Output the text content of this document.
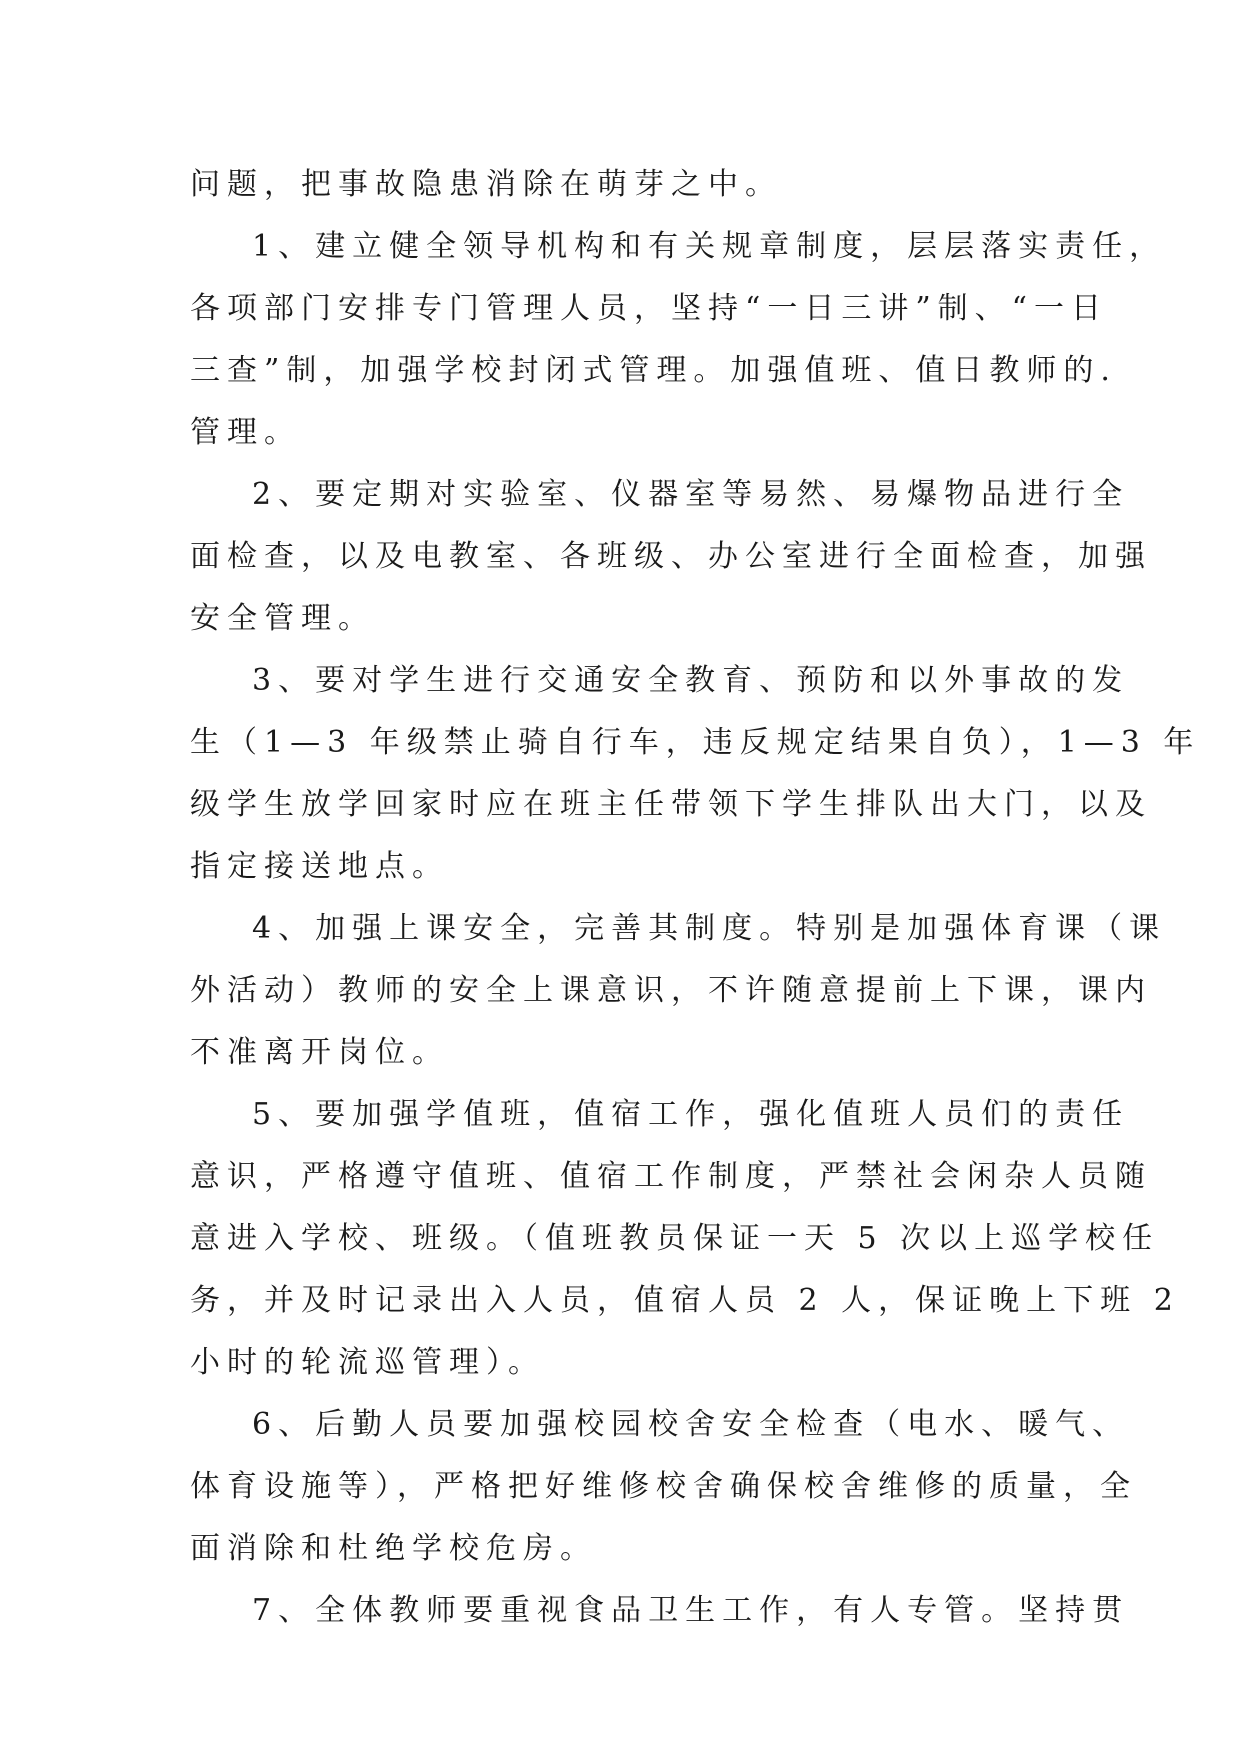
问题，把事故隐患消除在萌芽之中。
1、建立健全领导机构和有关规章制度，层层落实责任，
各项部门安排专门管理人员，坚持“一日三讲”制、“一日
三查”制，加强学校封闭式管理。加强值班、值日教师的.
管理。
2、要定期对实验室、仪器室等易然、易爆物品进行全
面检查，以及电教室、各班级、办公室进行全面检查，加强
安全管理。
3、要对学生进行交通安全教育、预防和以外事故的发
生（1—3 年级禁止骑自行车，违反规定结果自负），1—3 年
级学生放学回家时应在班主任带领下学生排队出大门，以及
指定接送地点。
4、加强上课安全，完善其制度。特别是加强体育课（课
外活动）教师的安全上课意识，不许随意提前上下课，课内
不准离开岗位。
5、要加强学值班，值宿工作，强化值班人员们的责任
意识，严格遵守值班、值宿工作制度，严禁社会闲杂人员随
意进入学校、班级。（值班教员保证一天 5 次以上巡学校任
务，并及时记录出入人员，值宿人员 2 人，保证晚上下班 2
小时的轮流巡管理）。
6、后勤人员要加强校园校舍安全检查（电水、暖气、
体育设施等），严格把好维修校舍确保校舍维修的质量，全
面消除和杜绝学校危房。
7、全体教师要重视食品卫生工作，有人专管。坚持贯
